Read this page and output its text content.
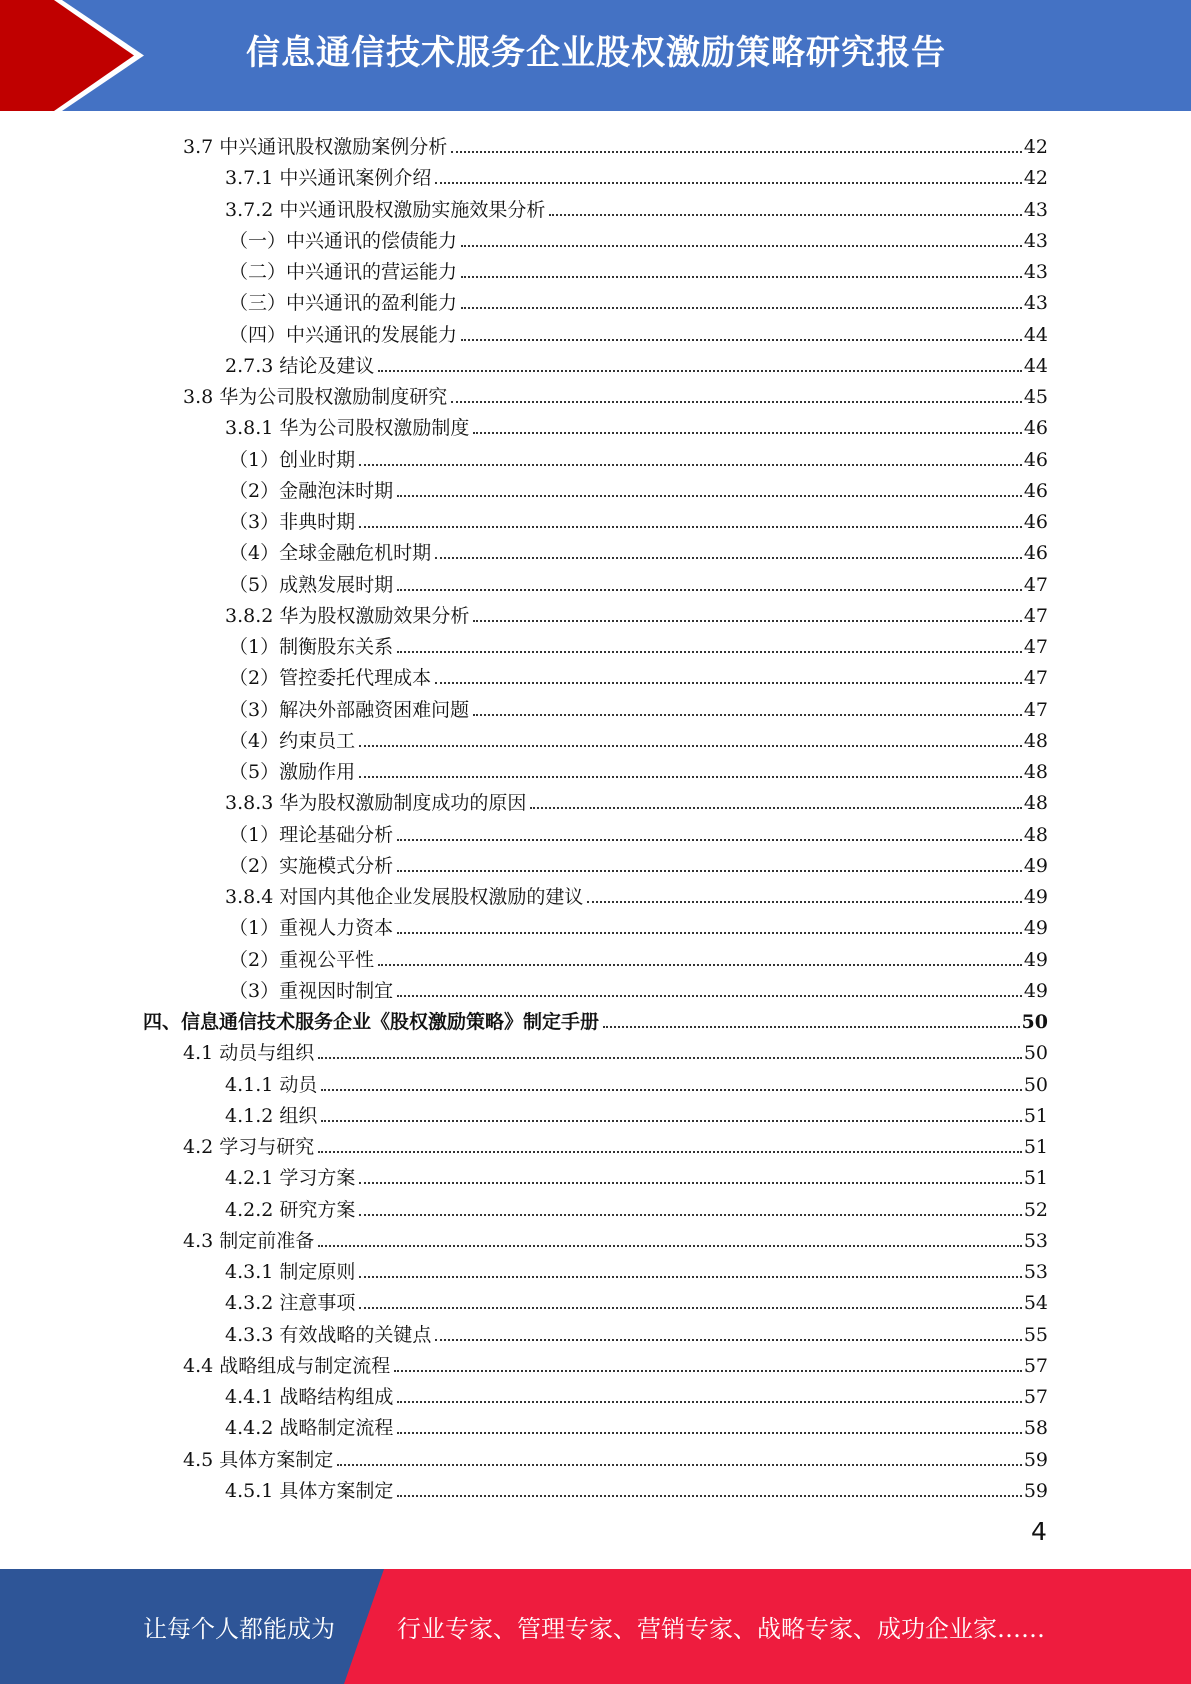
信息通信技术服务企业股权激励策略研究报告
3.7 中兴通讯股权激励案例分析	42
3.7.1 中兴通讯案例介绍	42
3.7.2 中兴通讯股权激励实施效果分析	43
（一）中兴通讯的偿债能力	43
（二）中兴通讯的营运能力	43
（三）中兴通讯的盈利能力	43
（四）中兴通讯的发展能力	44
2.7.3 结论及建议	44
3.8 华为公司股权激励制度研究	45
3.8.1 华为公司股权激励制度	46
（1）创业时期	46
（2）金融泡沫时期	46
（3）非典时期	46
（4）全球金融危机时期	46
（5）成熟发展时期	47
3.8.2 华为股权激励效果分析	47
（1）制衡股东关系	47
（2）管控委托代理成本	47
（3）解决外部融资困难问题	47
（4）约束员工	48
（5）激励作用	48
3.8.3 华为股权激励制度成功的原因	48
（1）理论基础分析	48
（2）实施模式分析	49
3.8.4 对国内其他企业发展股权激励的建议	49
（1）重视人力资本	49
（2）重视公平性	49
（3）重视因时制宜	49
四、信息通信技术服务企业《股权激励策略》制定手册	50
4.1 动员与组织	50
4.1.1 动员	50
4.1.2 组织	51
4.2 学习与研究	51
4.2.1 学习方案	51
4.2.2 研究方案	52
4.3 制定前准备	53
4.3.1 制定原则	53
4.3.2 注意事项	54
4.3.3 有效战略的关键点	55
4.4 战略组成与制定流程	57
4.4.1 战略结构组成	57
4.4.2 战略制定流程	58
4.5 具体方案制定	59
4.5.1 具体方案制定	59
4
让每个人都能成为	行业专家、管理专家、营销专家、战略专家、成功企业家……
